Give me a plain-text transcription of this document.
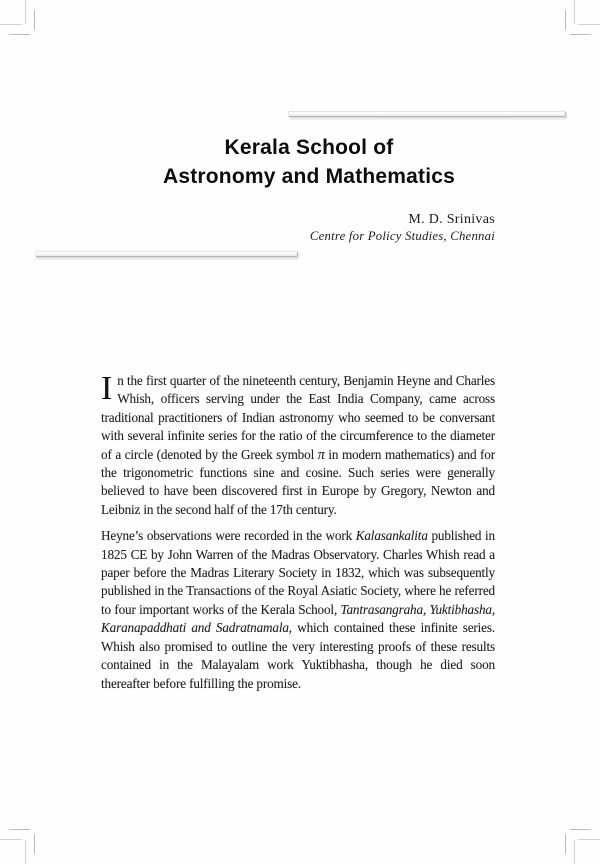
Kerala School of
Astronomy and Mathematics
M. D. Srinivas
Centre for Policy Studies, Chennai

In the first quarter of the nineteenth century, Benjamin Heyne and Charles Whish, officers serving under the East India Company, came across traditional practitioners of Indian astronomy who seemed to be conversant with several infinite series for the ratio of the circumference to the diameter of a circle (denoted by the Greek symbol π in modern mathematics) and for the trigonometric functions sine and cosine. Such series were generally believed to have been discovered first in Europe by Gregory, Newton and Leibniz in the second half of the 17th century.

Heyne’s observations were recorded in the work Kalasankalita published in 1825 CE by John Warren of the Madras Observatory. Charles Whish read a paper before the Madras Literary Society in 1832, which was subsequently published in the Transactions of the Royal Asiatic Society, where he referred to four important works of the Kerala School, Tantrasangraha, Yuktibhasha, Karanapaddhati and Sadratnamala, which contained these infinite series. Whish also promised to outline the very interesting proofs of these results contained in the Malayalam work Yuktibhasha, though he died soon thereafter before fulfilling the promise.
